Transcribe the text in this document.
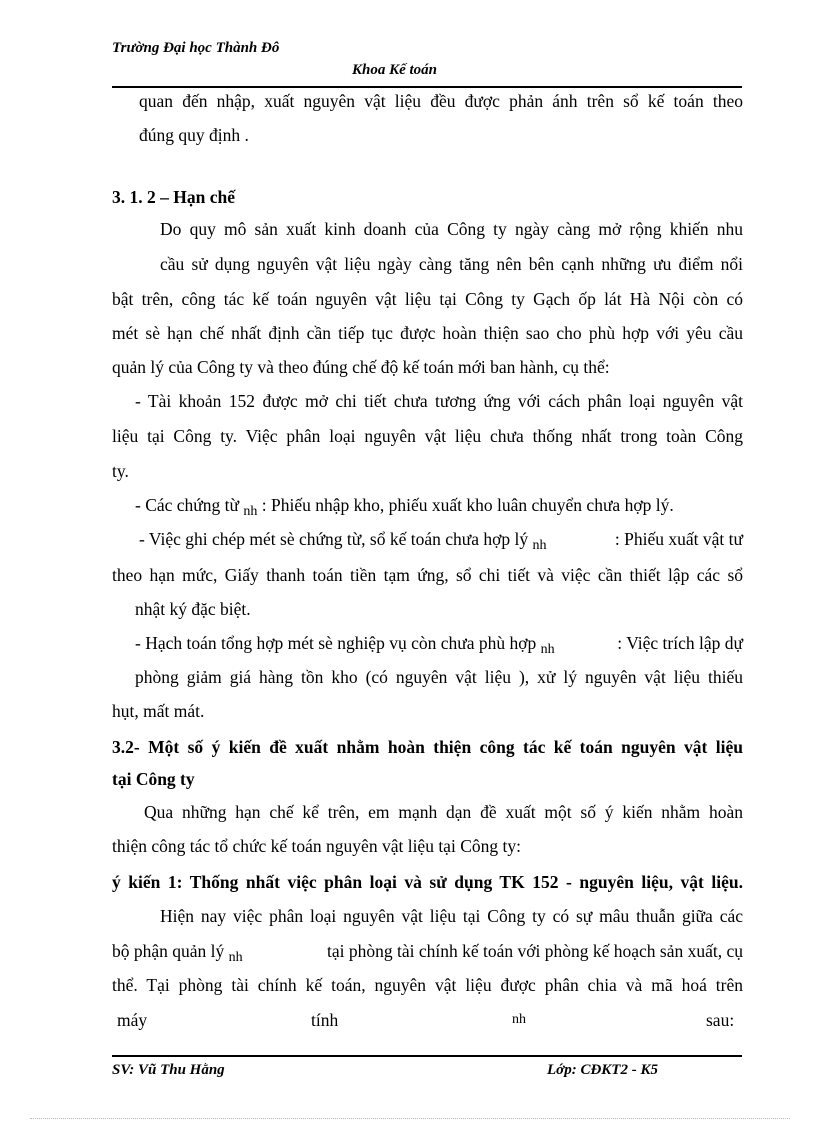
Trường Đại học Thành Đô
Khoa Kế toán
quan đến nhập, xuất nguyên vật liệu đều được phản ánh trên sổ kế toán theo
đúng quy định .
3. 1. 2 – Hạn chế
Do quy mô sản xuất kinh doanh của Công ty ngày càng mở rộng khiến nhu
cầu sử dụng nguyên vật liệu ngày càng tăng nên bên cạnh những ưu điểm nổi
bật trên, công tác kế toán nguyên vật liệu tại Công ty Gạch ốp lát Hà Nội còn có
mét sè hạn chế nhất định cần tiếp tục được hoàn thiện sao cho phù hợp với yêu cầu
quản lý của Công ty và theo đúng chế độ kế toán mới ban hành, cụ thể:
- Tài khoản 152 được mở chi tiết chưa tương ứng với cách phân loại nguyên vật
liệu tại Công ty. Việc phân loại nguyên vật liệu chưa thống nhất trong toàn Công
ty.
- Các chứng từ $_{nh}$ : Phiếu nhập kho, phiếu xuất kho luân chuyển chưa hợp lý.
- Việc ghi chép mét sè chứng từ, sổ kế toán chưa hợp lý $_{nh}$	: Phiếu xuất vật tư
theo hạn mức, Giấy thanh toán tiền tạm ứng, sổ chi tiết và việc cần thiết lập các sổ
nhật ký đặc biệt.
- Hạch toán tổng hợp mét sè nghiệp vụ còn chưa phù hợp $_{nh}$	: Việc trích lập dự
phòng giảm giá hàng tồn kho (có nguyên vật liệu ), xử lý nguyên vật liệu thiếu
hụt, mất mát.
3.2- Một số ý kiến đề xuất nhằm hoàn thiện công tác kế toán nguyên vật liệu
tại Công ty
Qua những hạn chế kể trên, em mạnh dạn đề xuất một số ý kiến nhằm hoàn
thiện công tác tổ chức kế toán nguyên vật liệu tại Công ty:
ý kiến 1: Thống nhất việc phân loại và sử dụng TK 152 - nguyên liệu, vật liệu.
Hiện nay việc phân loại nguyên vật liệu tại Công ty có sự mâu thuẫn giữa các
bộ phận quản lý $_{nh}$	tại phòng tài chính kế toán với phòng kế hoạch sản xuất, cụ
thể. Tại phòng tài chính kế toán, nguyên vật liệu được phân chia và mã hoá trên
máy	tính	nh	sau:
SV: Vũ Thu Hằng	Lớp: CĐKT2 - K5
